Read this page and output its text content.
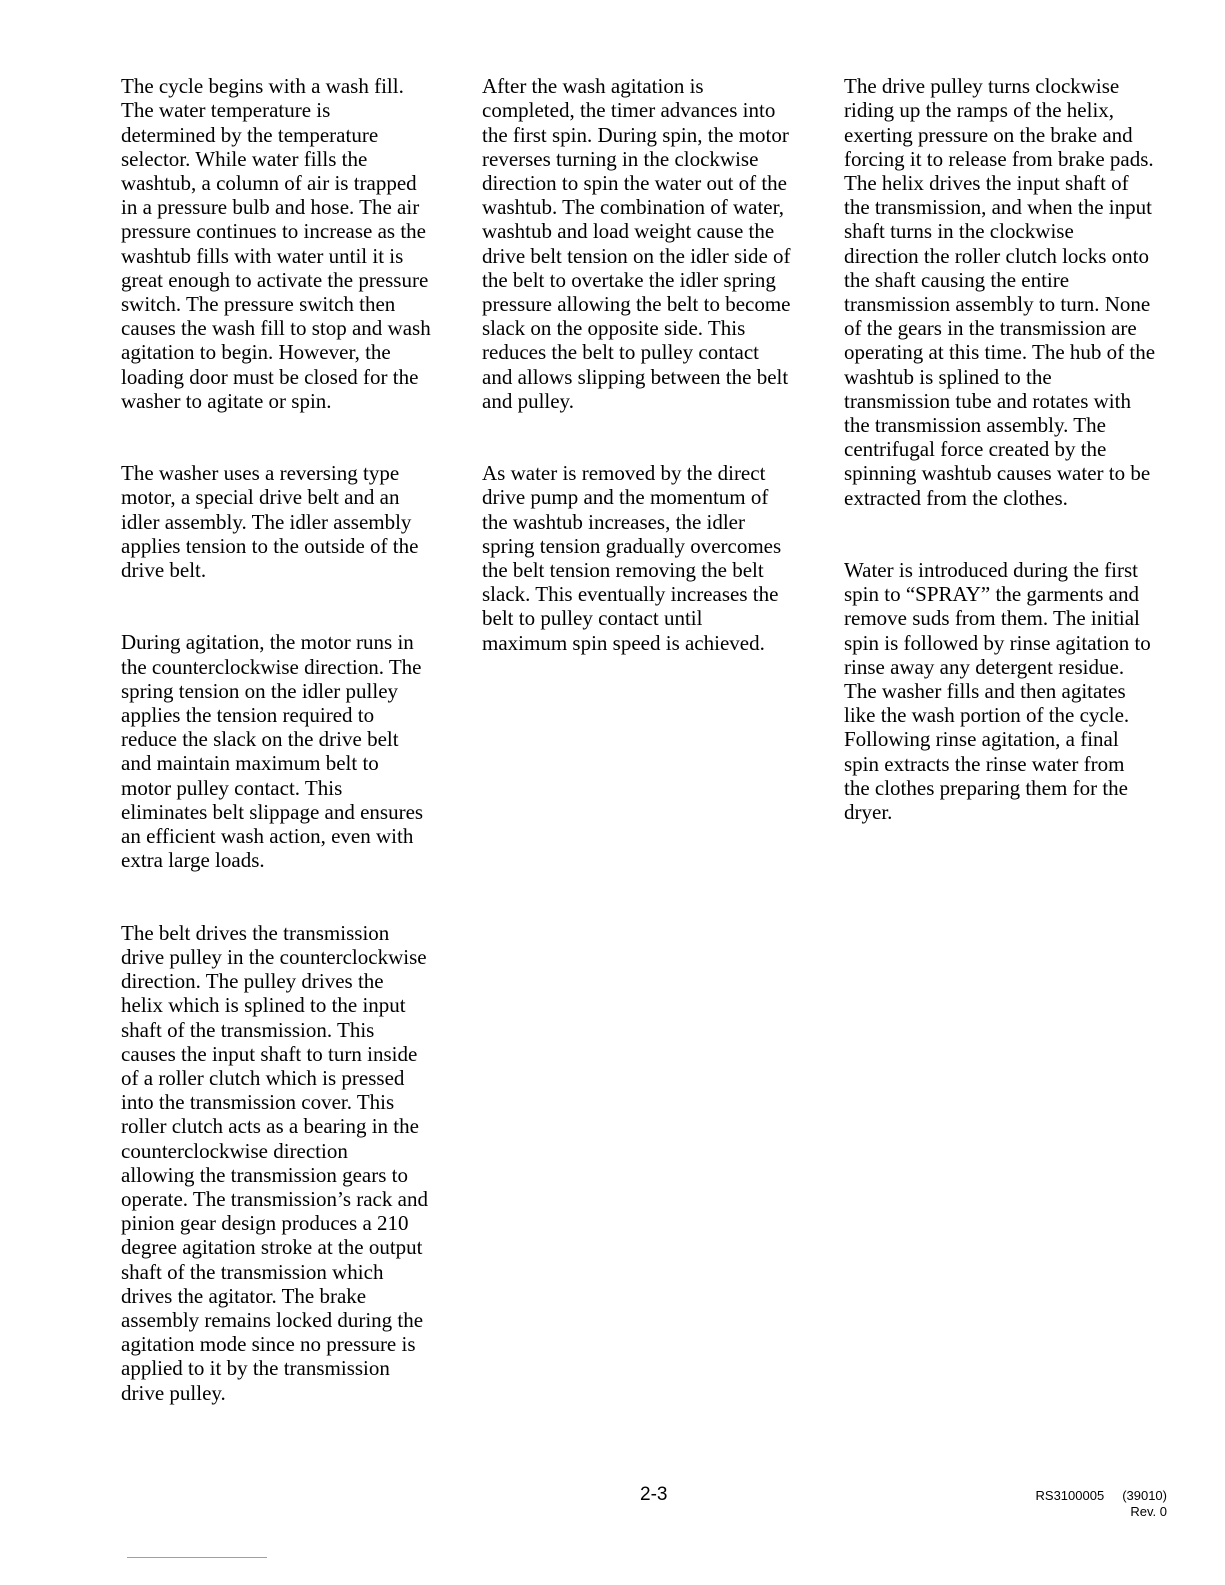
The cycle begins with a wash fill.
The water temperature is
determined by the temperature
selector. While water fills the
washtub, a column of air is trapped
in a pressure bulb and hose. The air
pressure continues to increase as the
washtub fills with water until it is
great enough to activate the pressure
switch. The pressure switch then
causes the wash fill to stop and wash
agitation to begin. However, the
loading door must be closed for the
washer to agitate or spin.

The washer uses a reversing type
motor, a special drive belt and an
idler assembly. The idler assembly
applies tension to the outside of the
drive belt.

During agitation, the motor runs in
the counterclockwise direction. The
spring tension on the idler pulley
applies the tension required to
reduce the slack on the drive belt
and maintain maximum belt to
motor pulley contact. This
eliminates belt slippage and ensures
an efficient wash action, even with
extra large loads.

The belt drives the transmission
drive pulley in the counterclockwise
direction. The pulley drives the
helix which is splined to the input
shaft of the transmission. This
causes the input shaft to turn inside
of a roller clutch which is pressed
into the transmission cover. This
roller clutch acts as a bearing in the
counterclockwise direction
allowing the transmission gears to
operate. The transmission’s rack and
pinion gear design produces a 210
degree agitation stroke at the output
shaft of the transmission which
drives the agitator. The brake
assembly remains locked during the
agitation mode since no pressure is
applied to it by the transmission
drive pulley.

After the wash agitation is
completed, the timer advances into
the first spin. During spin, the motor
reverses turning in the clockwise
direction to spin the water out of the
washtub. The combination of water,
washtub and load weight cause the
drive belt tension on the idler side of
the belt to overtake the idler spring
pressure allowing the belt to become
slack on the opposite side. This
reduces the belt to pulley contact
and allows slipping between the belt
and pulley.

As water is removed by the direct
drive pump and the momentum of
the washtub increases, the idler
spring tension gradually overcomes
the belt tension removing the belt
slack. This eventually increases the
belt to pulley contact until
maximum spin speed is achieved.

The drive pulley turns clockwise
riding up the ramps of the helix,
exerting pressure on the brake and
forcing it to release from brake pads.
The helix drives the input shaft of
the transmission, and when the input
shaft turns in the clockwise
direction the roller clutch locks onto
the shaft causing the entire
transmission assembly to turn. None
of the gears in the transmission are
operating at this time. The hub of the
washtub is splined to the
transmission tube and rotates with
the transmission assembly. The
centrifugal force created by the
spinning washtub causes water to be
extracted from the clothes.

Water is introduced during the first
spin to “SPRAY” the garments and
remove suds from them. The initial
spin is followed by rinse agitation to
rinse away any detergent residue.
The washer fills and then agitates
like the wash portion of the cycle.
Following rinse agitation, a final
spin extracts the rinse water from
the clothes preparing them for the
dryer.

2-3	RS3100005 (39010)
Rev. 0
